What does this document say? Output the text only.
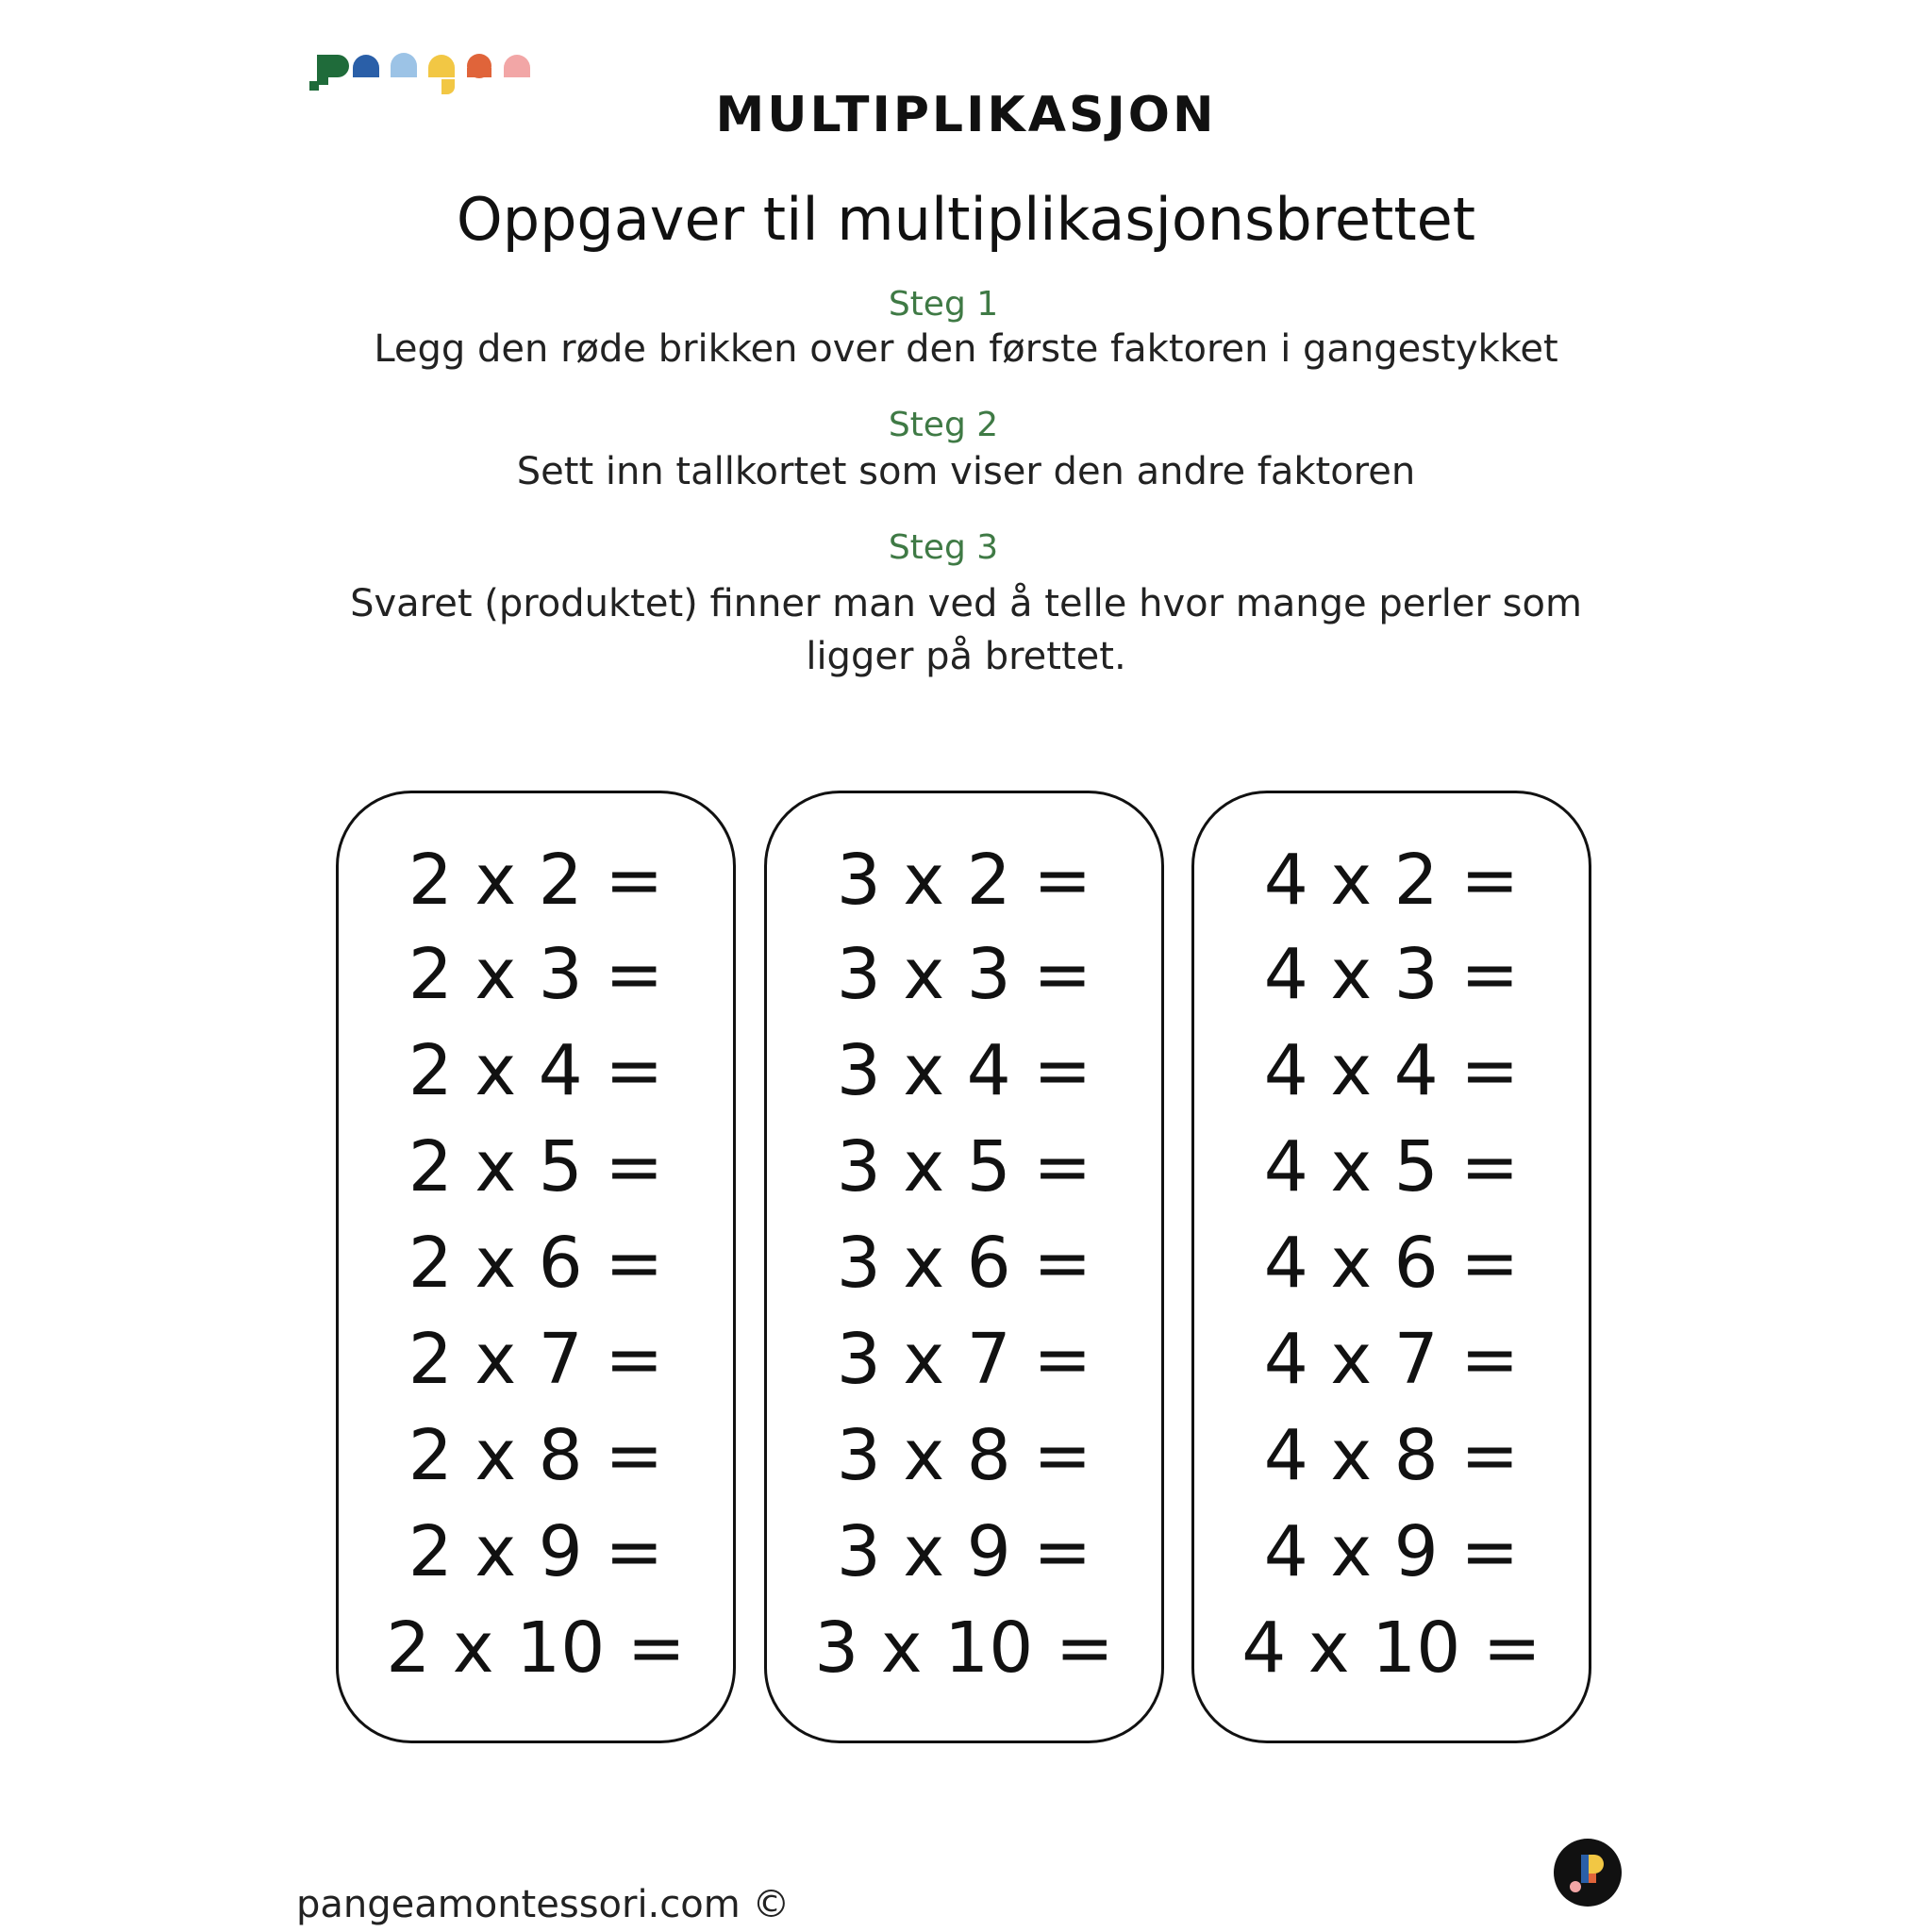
MULTIPLIKASJON
Oppgaver til multiplikasjonsbrettet
Steg 1
Legg den røde brikken over den første faktoren i gangestykket
Steg 2
Sett inn tallkortet som viser den andre faktoren
Steg 3
Svaret (produktet) finner man ved å telle hvor mange perler som
ligger på brettet.
2 x 2 =
2 x 3 =
2 x 4 =
2 x 5 =
2 x 6 =
2 x 7 =
2 x 8 =
2 x 9 =
2 x 10 =
3 x 2 =
3 x 3 =
3 x 4 =
3 x 5 =
3 x 6 =
3 x 7 =
3 x 8 =
3 x 9 =
3 x 10 =
4 x 2 =
4 x 3 =
4 x 4 =
4 x 5 =
4 x 6 =
4 x 7 =
4 x 8 =
4 x 9 =
4 x 10 =
pangeamontessori.com ©
